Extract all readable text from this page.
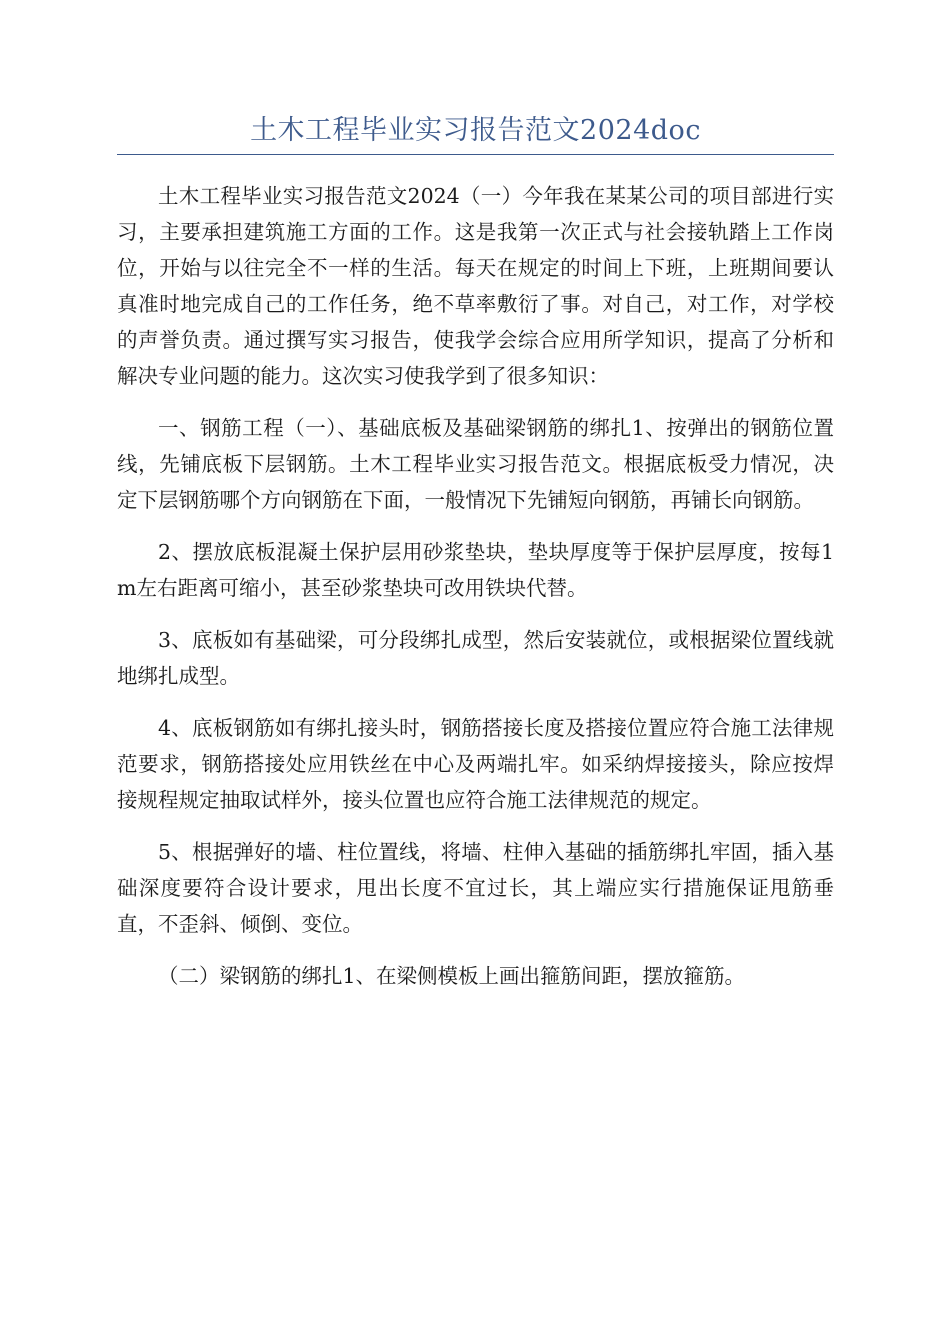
土木工程毕业实习报告范文2024doc

土木工程毕业实习报告范文2024（一）今年我在某某公司的项目部进行实习，主要承担建筑施工方面的工作。这是我第一次正式与社会接轨踏上工作岗位，开始与以往完全不一样的生活。每天在规定的时间上下班，上班期间要认真准时地完成自己的工作任务，绝不草率敷衍了事。对自己，对工作，对学校的声誉负责。通过撰写实习报告，使我学会综合应用所学知识，提高了分析和解决专业问题的能力。这次实习使我学到了很多知识：

一、钢筋工程（一）、基础底板及基础梁钢筋的绑扎1、按弹出的钢筋位置线，先铺底板下层钢筋。土木工程毕业实习报告范文。根据底板受力情况，决定下层钢筋哪个方向钢筋在下面，一般情况下先铺短向钢筋，再铺长向钢筋。

2、摆放底板混凝土保护层用砂浆垫块，垫块厚度等于保护层厚度，按每1m左右距离可缩小，甚至砂浆垫块可改用铁块代替。

3、底板如有基础梁，可分段绑扎成型，然后安装就位，或根据梁位置线就地绑扎成型。

4、底板钢筋如有绑扎接头时，钢筋搭接长度及搭接位置应符合施工法律规范要求，钢筋搭接处应用铁丝在中心及两端扎牢。如采纳焊接接头，除应按焊接规程规定抽取试样外，接头位置也应符合施工法律规范的规定。

5、根据弹好的墙、柱位置线，将墙、柱伸入基础的插筋绑扎牢固，插入基础深度要符合设计要求，甩出长度不宜过长，其上端应实行措施保证甩筋垂直，不歪斜、倾倒、变位。

（二）梁钢筋的绑扎1、在梁侧模板上画出箍筋间距，摆放箍筋。
